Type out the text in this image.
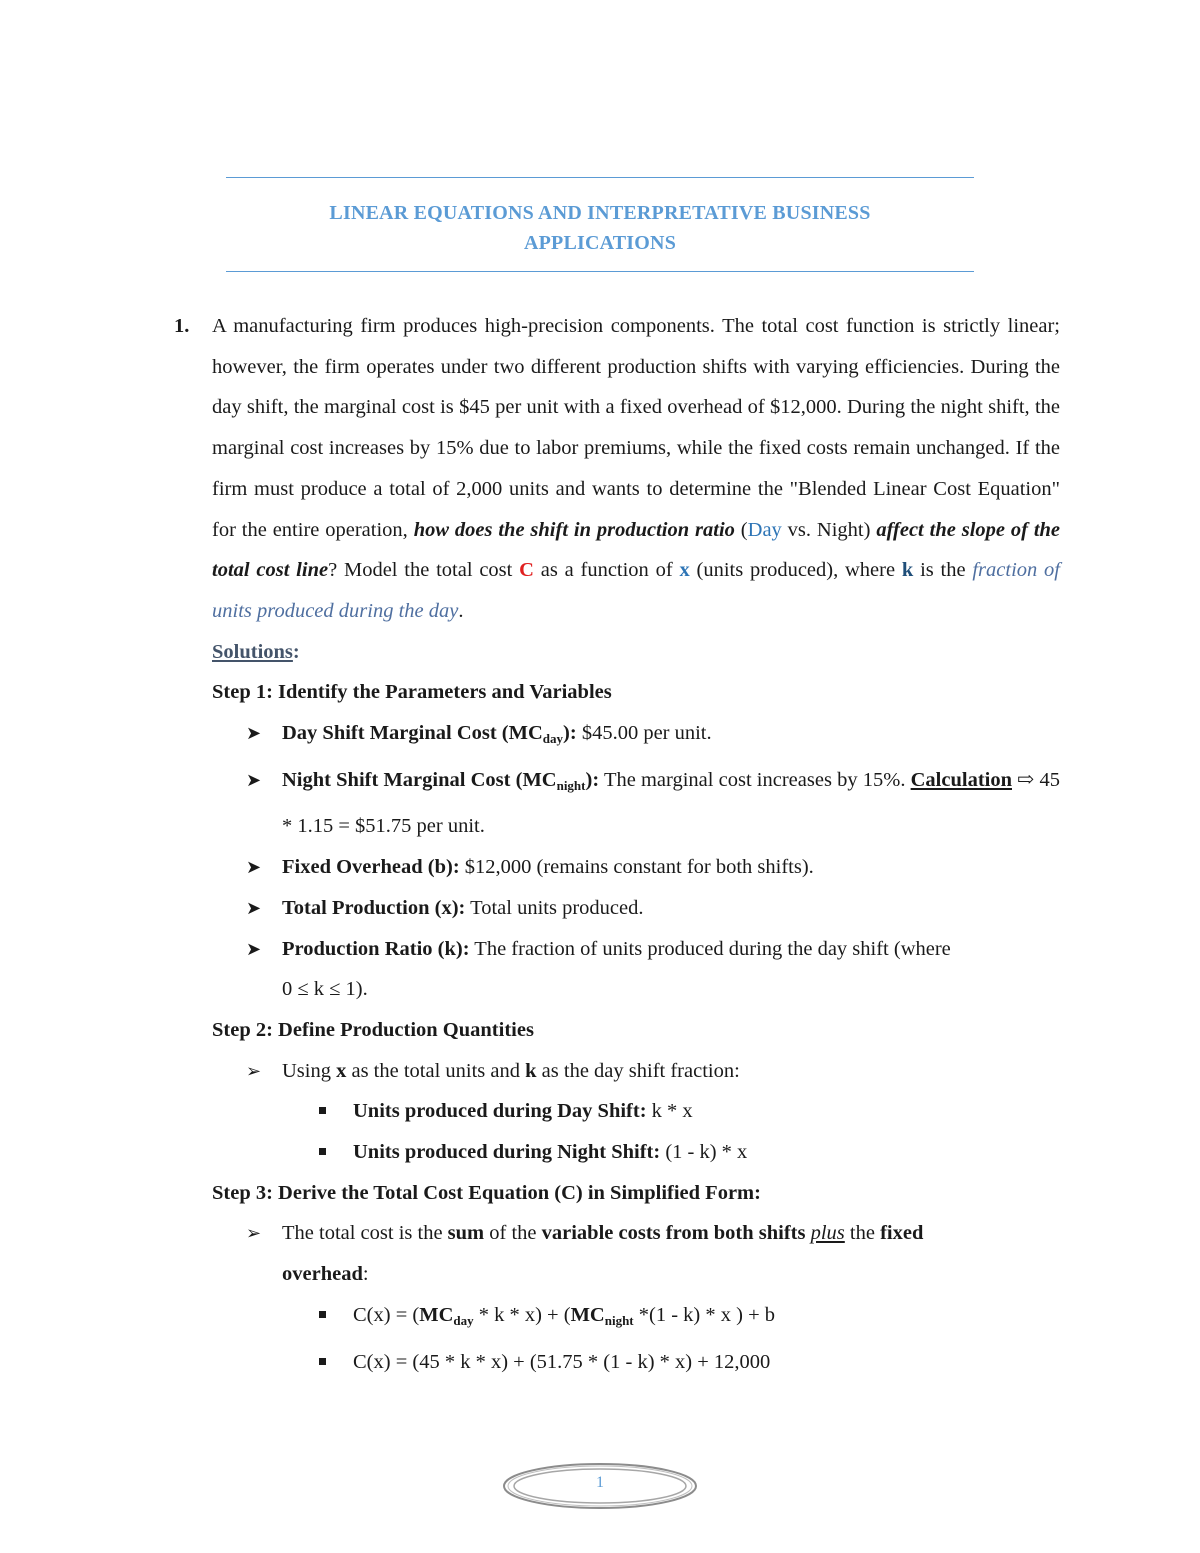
LINEAR EQUATIONS AND INTERPRETATIVE BUSINESS
APPLICATIONS
1. A manufacturing firm produces high-precision components. The total cost function is strictly linear; however, the firm operates under two different production shifts with varying efficiencies. During the day shift, the marginal cost is $45 per unit with a fixed overhead of $12,000. During the night shift, the marginal cost increases by 15% due to labor premiums, while the fixed costs remain unchanged. If the firm must produce a total of 2,000 units and wants to determine the "Blended Linear Cost Equation" for the entire operation, how does the shift in production ratio (Day vs. Night) affect the slope of the total cost line? Model the total cost C as a function of x (units produced), where k is the fraction of units produced during the day.

Solutions:
Step 1: Identify the Parameters and Variables
➤ Day Shift Marginal Cost $(MC_{day})$: $45.00 per unit.
➤ Night Shift Marginal Cost $(MC_{night})$: The marginal cost increases by 15%. Calculation ⇨ 45 * 1.15 = $51.75 per unit.
➤ Fixed Overhead (b): $12,000 (remains constant for both shifts).
➤ Total Production (x): Total units produced.
➤ Production Ratio (k): The fraction of units produced during the day shift (where
0 ≤ k ≤ 1).
Step 2: Define Production Quantities
➢ Using x as the total units and k as the day shift fraction:
Units produced during Day Shift: k * x
Units produced during Night Shift: (1 - k) * x
Step 3: Derive the Total Cost Equation (C) in Simplified Form:
➢ The total cost is the sum of the variable costs from both shifts plus the fixed
overhead:
$C(x) = (MC_{day} * k * x) + (MC_{night}$ *(1 - k) * x ) + b
C(x) = (45 * k * x) + (51.75 * (1 - k) * x) + 12,000
1
